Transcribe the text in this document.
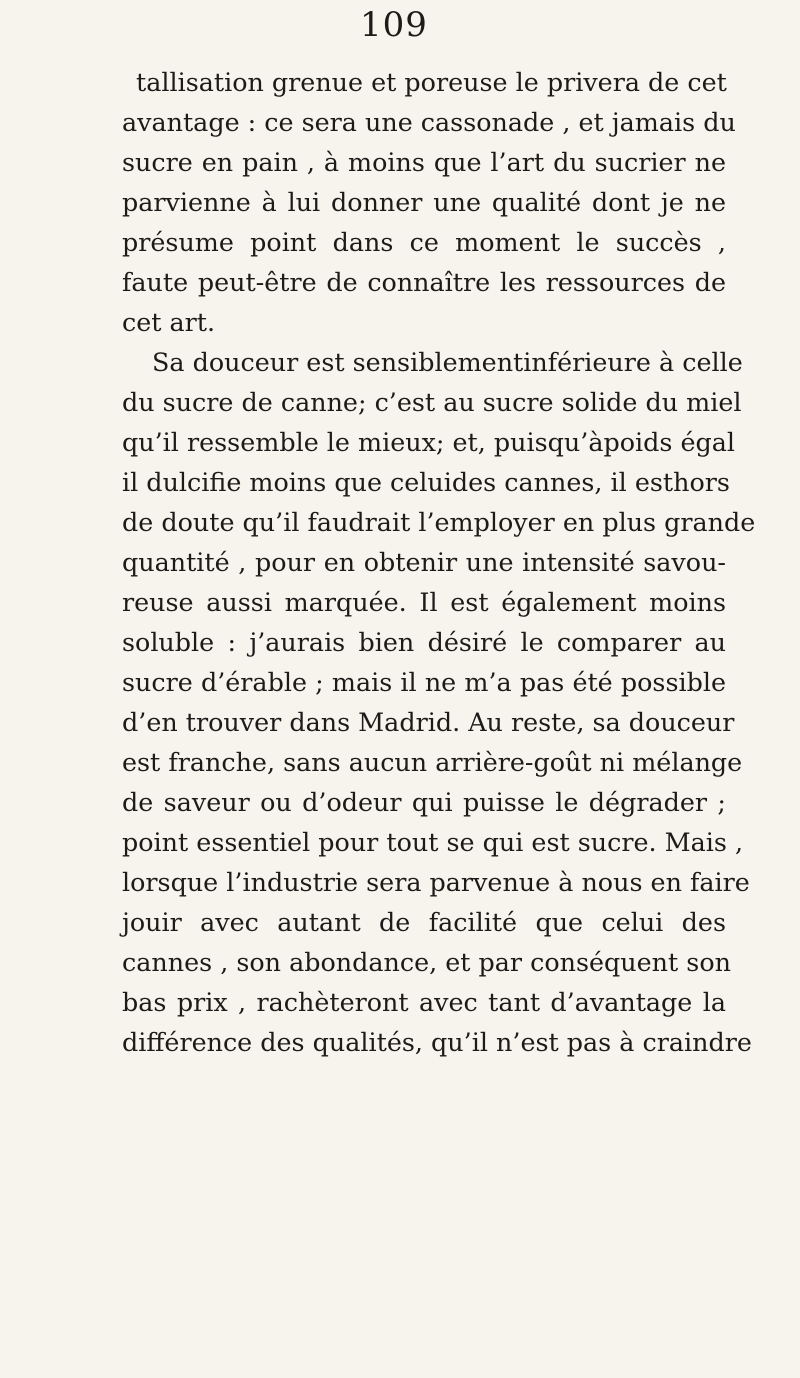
109
tallisation grenue et poreuse le privera de cet
avantage : ce sera une cassonade , et jamais du
sucre en pain , à moins que l’art du sucrier ne
parvienne à lui donner une qualité dont je ne
présume point dans ce moment le succès ,
faute peut-être de connaître les ressources de
cet art.
Sa douceur est sensiblementinférieure à celle
du sucre de canne; c’est au sucre solide du miel
qu’il ressemble le mieux; et, puisqu’àpoids égal
il dulcifie moins que celuides cannes, il esthors
de doute qu’il faudrait l’employer en plus grande
quantité , pour en obtenir une intensité savou-
reuse aussi marquée. Il est également moins
soluble : j’aurais bien désiré le comparer au
sucre d’érable ; mais il ne m’a pas été possible
d’en trouver dans Madrid. Au reste, sa douceur
est franche, sans aucun arrière-goût ni mélange
de saveur ou d’odeur qui puisse le dégrader ;
point essentiel pour tout se qui est sucre. Mais ,
lorsque l’industrie sera parvenue à nous en faire
jouir avec autant de facilité que celui des
cannes , son abondance, et par conséquent son
bas prix , rachèteront avec tant d’avantage la
différence des qualités, qu’il n’est pas à craindre
